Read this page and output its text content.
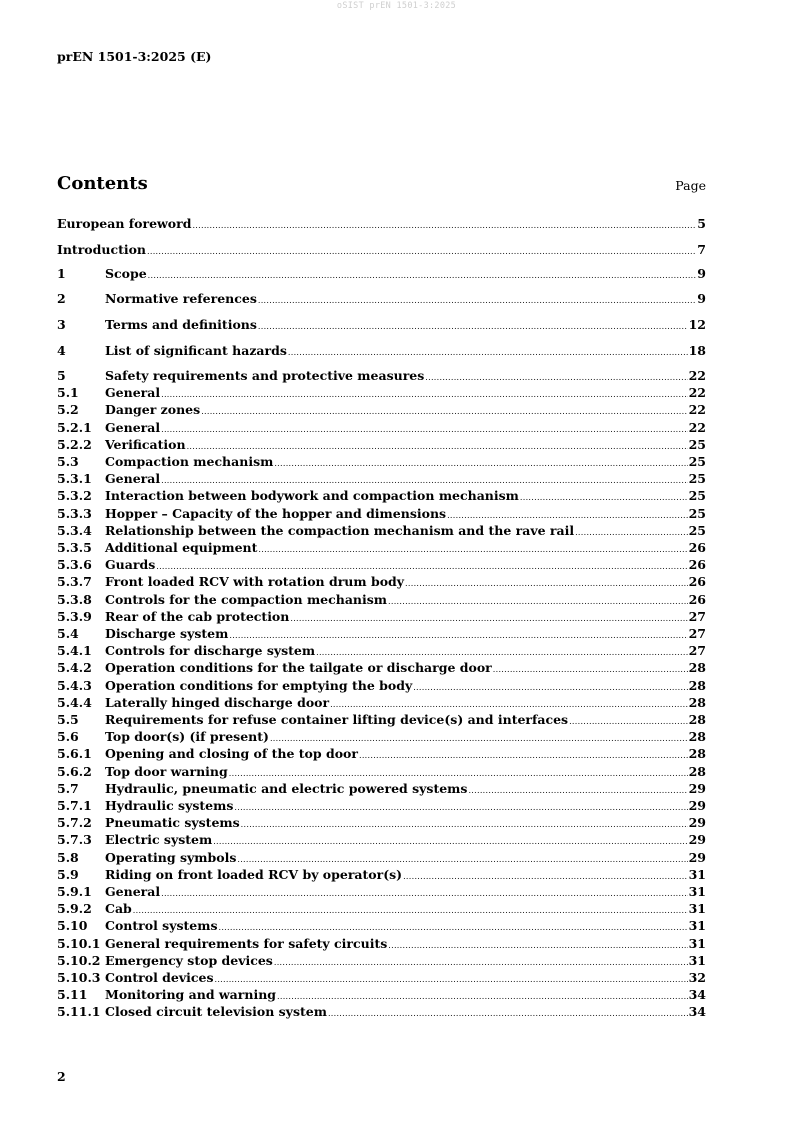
oSIST prEN 1501-3:2025
prEN 1501-3:2025 (E)
Contents	Page
European foreword .....	5
Introduction .....	7
1	Scope .....	9
2	Normative references .....	9
3	Terms and definitions .....	12
4	List of significant hazards .....	18
5	Safety requirements and protective measures .....	22
5.1	General .....	22
5.2	Danger zones .....	22
5.2.1	General .....	22
5.2.2	Verification .....	25
5.3	Compaction mechanism .....	25
5.3.1	General .....	25
5.3.2	Interaction between bodywork and compaction mechanism .....	25
5.3.3	Hopper – Capacity of the hopper and dimensions .....	25
5.3.4	Relationship between the compaction mechanism and the rave rail .....	25
5.3.5	Additional equipment .....	26
5.3.6	Guards .....	26
5.3.7	Front loaded RCV with rotation drum body .....	26
5.3.8	Controls for the compaction mechanism .....	26
5.3.9	Rear of the cab protection .....	27
5.4	Discharge system .....	27
5.4.1	Controls for discharge system .....	27
5.4.2	Operation conditions for the tailgate or discharge door .....	28
5.4.3	Operation conditions for emptying the body .....	28
5.4.4	Laterally hinged discharge door .....	28
5.5	Requirements for refuse container lifting device(s) and interfaces .....	28
5.6	Top door(s) (if present) .....	28
5.6.1	Opening and closing of the top door .....	28
5.6.2	Top door warning .....	28
5.7	Hydraulic, pneumatic and electric powered systems .....	29
5.7.1	Hydraulic systems .....	29
5.7.2	Pneumatic systems .....	29
5.7.3	Electric system .....	29
5.8	Operating symbols .....	29
5.9	Riding on front loaded RCV by operator(s) .....	31
5.9.1	General .....	31
5.9.2	Cab .....	31
5.10	Control systems .....	31
5.10.1 General requirements for safety circuits .....	31
5.10.2 Emergency stop devices .....	31
5.10.3 Control devices .....	32
5.11	Monitoring and warning .....	34
5.11.1 Closed circuit television system .....	34
2
